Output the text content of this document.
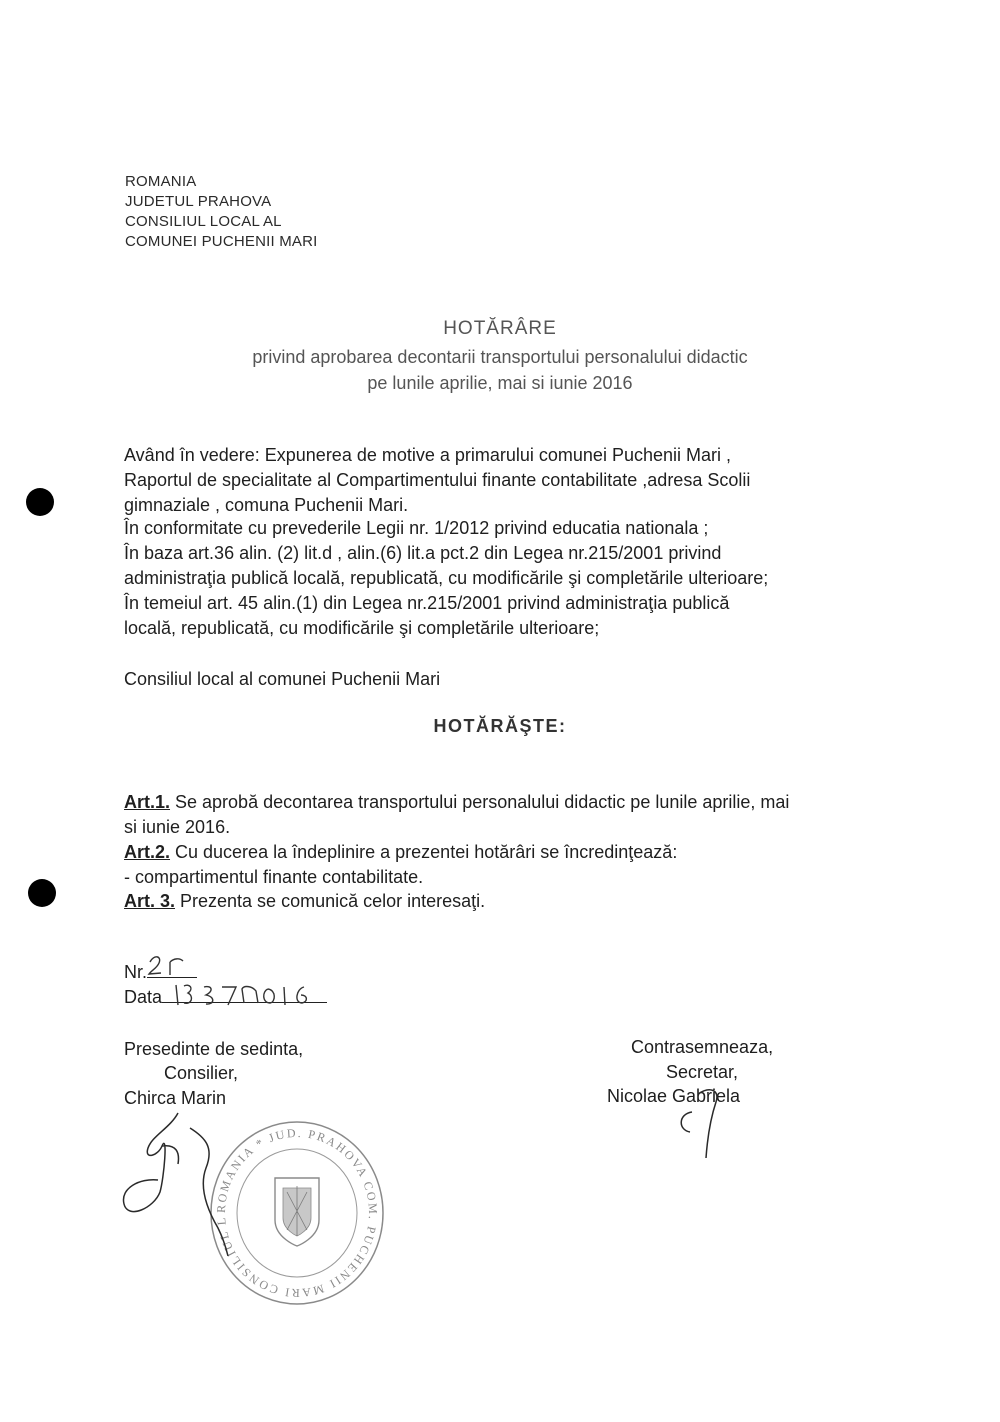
ROMANIA
JUDETUL PRAHOVA
CONSILIUL LOCAL AL
COMUNEI PUCHENII MARI
HOTĂRÂRE
privind aprobarea decontarii transportului personalului didactic
pe lunile aprilie, mai si iunie 2016
Având în vedere: Expunerea de motive a primarului comunei Puchenii Mari ,
Raportul de specialitate al Compartimentului finante contabilitate ,adresa Scolii
gimnaziale , comuna Puchenii Mari.
În conformitate cu prevederile Legii nr. 1/2012 privind educatia nationala ;
În baza art.36 alin. (2) lit.d , alin.(6) lit.a pct.2 din Legea nr.215/2001 privind
administraţia publică locală, republicată, cu modificările şi completările ulterioare;
În temeiul art. 45 alin.(1) din Legea nr.215/2001 privind administraţia publică
locală, republicată, cu modificările şi completările ulterioare;
Consiliul local al comunei Puchenii Mari
HOTĂRĂŞTE:
Art.1. Se aprobă decontarea transportului personalului didactic pe lunile aprilie, mai
si iunie 2016.
Art.2. Cu ducerea la îndeplinire a prezentei hotărâri se încredinţează:
- compartimentul finante contabilitate.
Art. 3. Prezenta se comunică celor interesaţi.
Nr.
Data
Presedinte de sedinta,
Consilier,
Chirca Marin
Contrasemneaza,
Secretar,
Nicolae Gabriela
ROMANIA * JUD. PRAHOVA COM. PUCHENII MARI CONSILIUL LOCAL
